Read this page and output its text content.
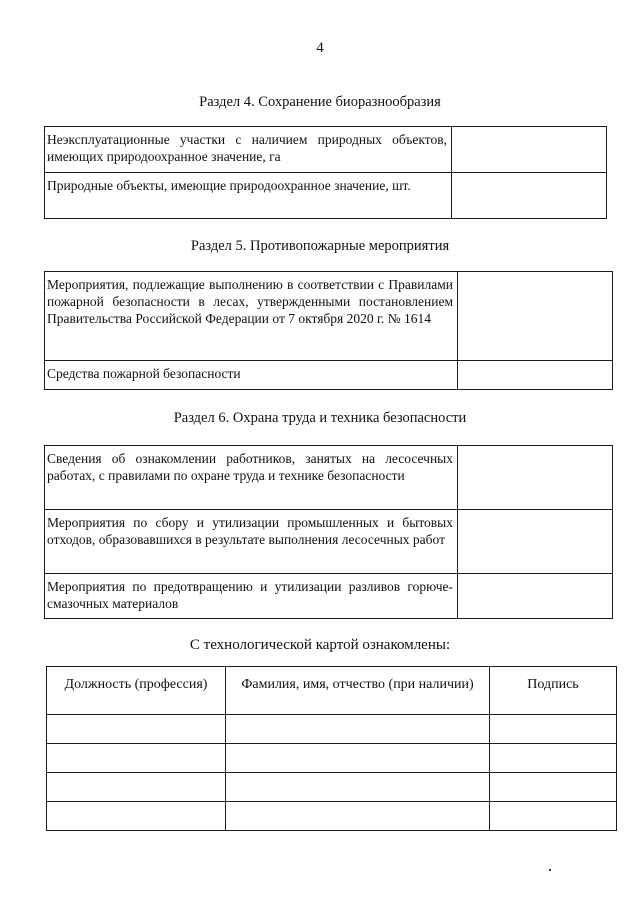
4
Раздел 4. Сохранение биоразнообразия
Неэксплуатационные участки с наличием природных объектов, имеющих природоохранное значение, га	
Природные объекты, имеющие природоохранное значение, шт.	
Раздел 5. Противопожарные мероприятия
Мероприятия, подлежащие выполнению в соответствии с Правилами пожарной безопасности в лесах, утвержденными постановлением Правительства Российской Федерации от 7 октября 2020 г. № 1614	
Средства пожарной безопасности	
Раздел 6. Охрана труда и техника безопасности
Сведения об ознакомлении работников, занятых на лесосечных работах, с правилами по охране труда и технике безопасности	
Мероприятия по сбору и утилизации промышленных и бытовых отходов, образовавшихся в результате выполнения лесосечных работ	
Мероприятия по предотвращению и утилизации разливов горюче-смазочных материалов	
С технологической картой ознакомлены:
Должность (профессия)	Фамилия, имя, отчество (при наличии)	Подпись
